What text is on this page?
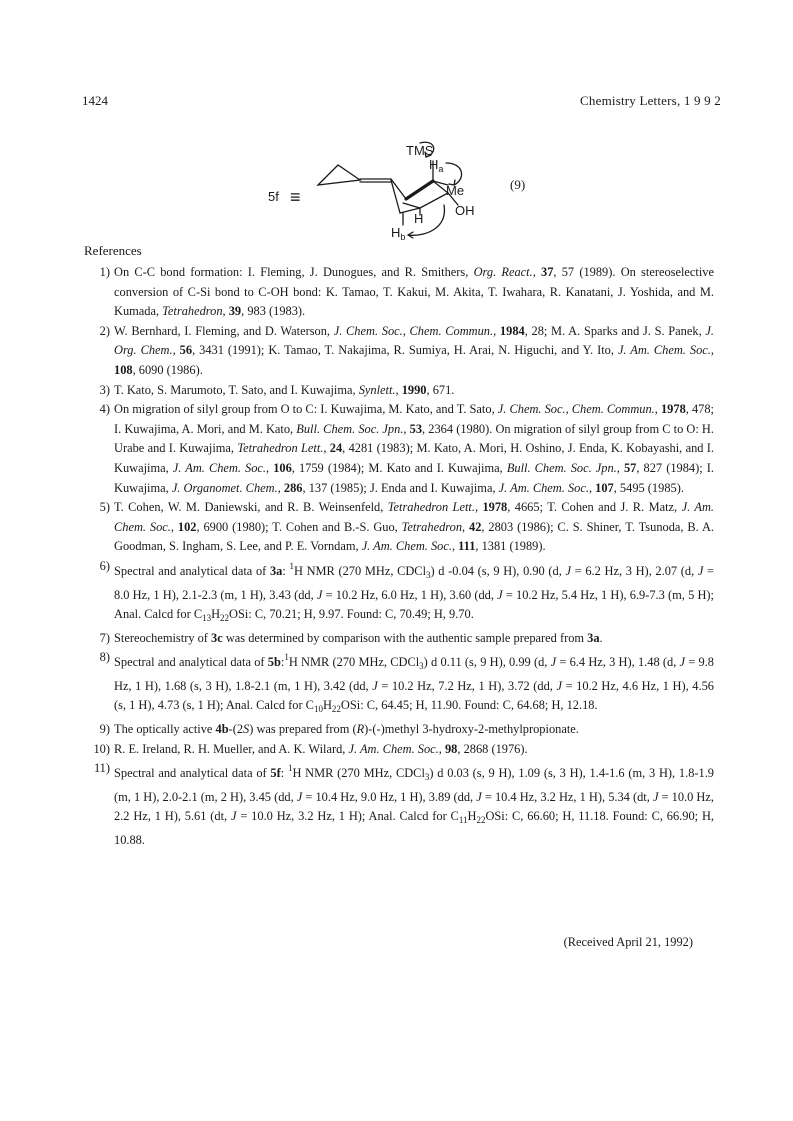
1424	Chemistry Letters, 1 9 9 2
TMS
$H_a$
Me
OH
H
$H_b$
5f ≡
(9)
References
1) On C-C bond formation: I. Fleming, J. Dunogues, and R. Smithers, Org. React., 37, 57 (1989). On stereoselective conversion of C-Si bond to C-OH bond: K. Tamao, T. Kakui, M. Akita, T. Iwahara, R. Kanatani, J. Yoshida, and M. Kumada, Tetrahedron, 39, 983 (1983).
2) W. Bernhard, I. Fleming, and D. Waterson, J. Chem. Soc., Chem. Commun., 1984, 28; M. A. Sparks and J. S. Panek, J. Org. Chem., 56, 3431 (1991); K. Tamao, T. Nakajima, R. Sumiya, H. Arai, N. Higuchi, and Y. Ito, J. Am. Chem. Soc., 108, 6090 (1986).
3) T. Kato, S. Marumoto, T. Sato, and I. Kuwajima, Synlett., 1990, 671.
4) On migration of silyl group from O to C: I. Kuwajima, M. Kato, and T. Sato, J. Chem. Soc., Chem. Commun., 1978, 478; I. Kuwajima, A. Mori, and M. Kato, Bull. Chem. Soc. Jpn., 53, 2364 (1980). On migration of silyl group from C to O: H. Urabe and I. Kuwajima, Tetrahedron Lett., 24, 4281 (1983); M. Kato, A. Mori, H. Oshino, J. Enda, K. Kobayashi, and I. Kuwajima, J. Am. Chem. Soc., 106, 1759 (1984); M. Kato and I. Kuwajima, Bull. Chem. Soc. Jpn., 57, 827 (1984); I. Kuwajima, J. Organomet. Chem., 286, 137 (1985); J. Enda and I. Kuwajima, J. Am. Chem. Soc., 107, 5495 (1985).
5) T. Cohen, W. M. Daniewski, and R. B. Weinsenfeld, Tetrahedron Lett., 1978, 4665; T. Cohen and J. R. Matz, J. Am. Chem. Soc., 102, 6900 (1980); T. Cohen and B.-S. Guo, Tetrahedron, 42, 2803 (1986); C. S. Shiner, T. Tsunoda, B. A. Goodman, S. Ingham, S. Lee, and P. E. Vorndam, J. Am. Chem. Soc., 111, 1381 (1989).
6) Spectral and analytical data of 3a: $^1$H NMR (270 MHz, CDCl$_3$) d -0.04 (s, 9 H), 0.90 (d, J = 6.2 Hz, 3 H), 2.07 (d, J = 8.0 Hz, 1 H), 2.1-2.3 (m, 1 H), 3.43 (dd, J = 10.2 Hz, 6.0 Hz, 1 H), 3.60 (dd, J = 10.2 Hz, 5.4 Hz, 1 H), 6.9-7.3 (m, 5 H); Anal. Calcd for $C_{13}H_{22}OSi$: C, 70.21; H, 9.97. Found: C, 70.49; H, 9.70.
7) Stereochemistry of 3c was determined by comparison with the authentic sample prepared from 3a.
8) Spectral and analytical data of 5b:$^1$H NMR (270 MHz, CDCl$_3$) d 0.11 (s, 9 H), 0.99 (d, J = 6.4 Hz, 3 H), 1.48 (d, J = 9.8 Hz, 1 H), 1.68 (s, 3 H), 1.8-2.1 (m, 1 H), 3.42 (dd, J = 10.2 Hz, 7.2 Hz, 1 H), 3.72 (dd, J = 10.2 Hz, 4.6 Hz, 1 H), 4.56 (s, 1 H), 4.73 (s, 1 H); Anal. Calcd for $C_{10}H_{22}OSi$: C, 64.45; H, 11.90. Found: C, 64.68; H, 12.18.
9) The optically active 4b-(2S) was prepared from (R)-(-)methyl 3-hydroxy-2-methylpropionate.
10) R. E. Ireland, R. H. Mueller, and A. K. Wilard, J. Am. Chem. Soc., 98, 2868 (1976).
11) Spectral and analytical data of 5f: $^1$H NMR (270 MHz, CDCl$_3$) d 0.03 (s, 9 H), 1.09 (s, 3 H), 1.4-1.6 (m, 3 H), 1.8-1.9 (m, 1 H), 2.0-2.1 (m, 2 H), 3.45 (dd, J = 10.4 Hz, 9.0 Hz, 1 H), 3.89 (dd, J = 10.4 Hz, 3.2 Hz, 1 H), 5.34 (dt, J = 10.0 Hz, 2.2 Hz, 1 H), 5.61 (dt, J = 10.0 Hz, 3.2 Hz, 1 H); Anal. Calcd for $C_{11}H_{22}OSi$: C, 66.60; H, 11.18. Found: C, 66.90; H, 10.88.
(Received April 21, 1992)
